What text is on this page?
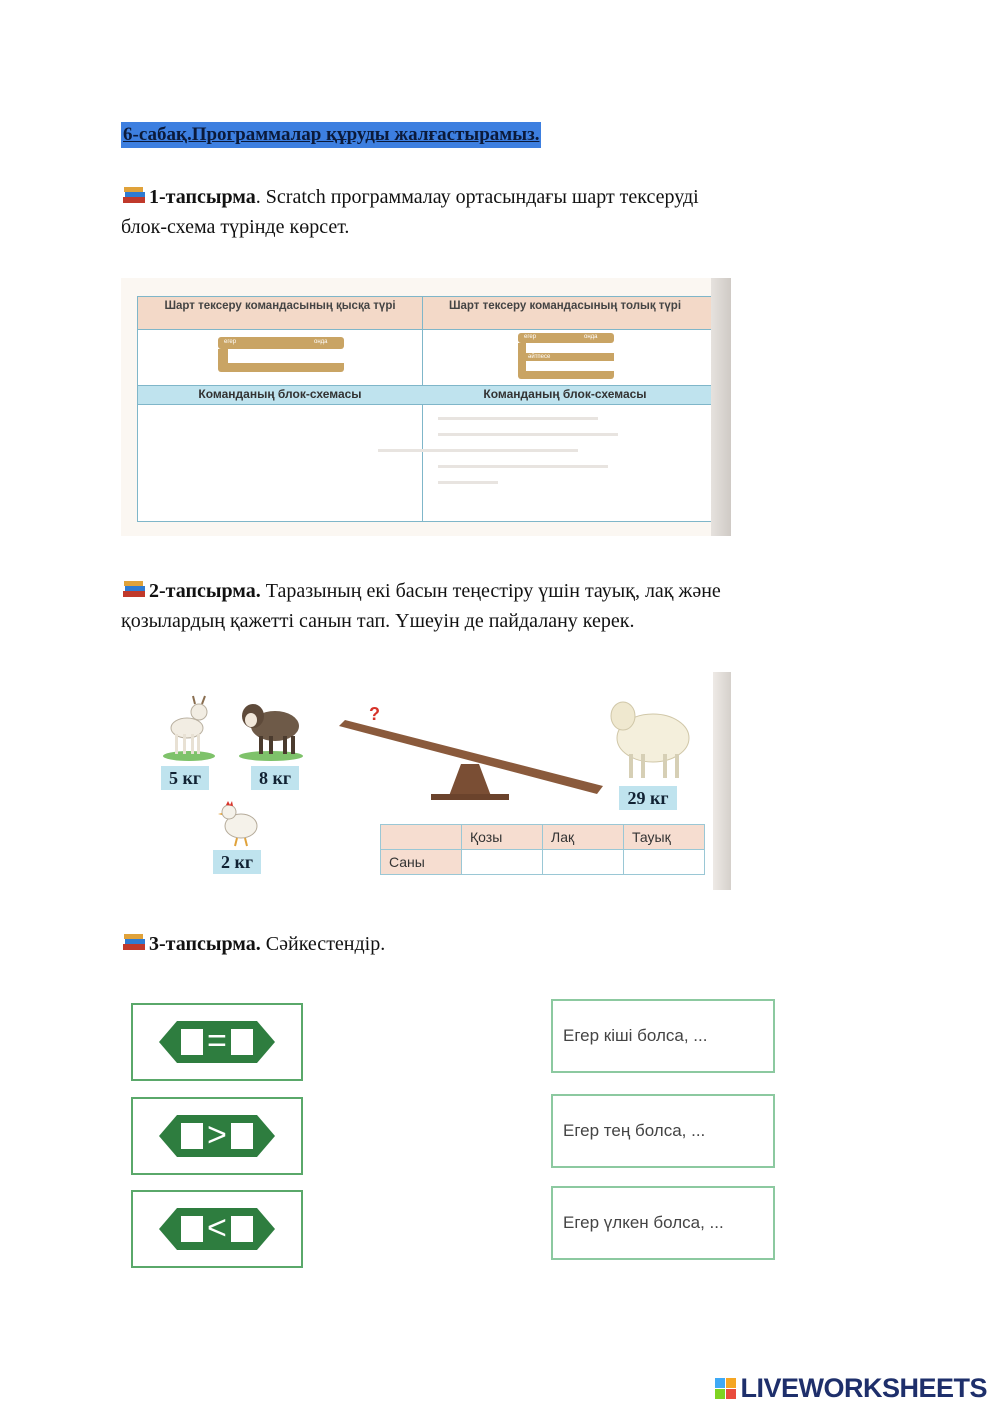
6-сабақ.Программалар құруды жалғастырамыз.
1-тапсырма. Scratch программалау ортасындағы шарт тексеруді
блок-схема түрінде көрсет.
Шарт тексеру командасының қысқа түрі	Шарт тексеру командасының толық түрі
Команданың блок-схемасы	Команданың блок-схемасы
егер	онда
егер	онда
әйтпесе
2-тапсырма. Таразының екі басын теңестіру үшін тауық, лақ және
қозылардың қажетті санын тап. Үшеуін де пайдалану керек.
5 кг	8 кг
2 кг
29 кг
?
	Қозы	Лақ	Тауық
Саны			
3-тапсырма. Сәйкестендір.
=
>
<
Егер кіші болса, ...
Егер тең болса, ...
Егер үлкен болса, ...
LIVEWORKSHEETS
